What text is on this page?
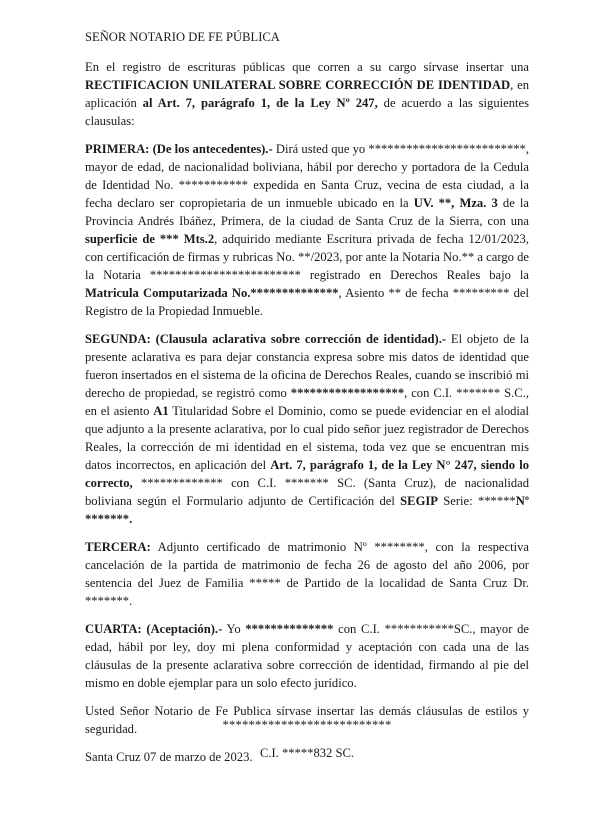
SEÑOR NOTARIO DE FE PÚBLICA

En el registro de escrituras públicas que corren a su cargo sírvase insertar una RECTIFICACION UNILATERAL SOBRE CORRECCIÓN DE IDENTIDAD, en aplicación al Art. 7, parágrafo 1, de la Ley Nº 247, de acuerdo a las siguientes clausulas:

PRIMERA: (De los antecedentes).- Dirá usted que yo *************************, mayor de edad, de nacionalidad boliviana, hábil por derecho y portadora de la Cedula de Identidad No. *********** expedida en Santa Cruz, vecina de esta ciudad, a la fecha declaro ser copropietaria de un inmueble ubicado en la UV. **, Mza. 3 de la Provincia Andrés Ibáñez, Primera, de la ciudad de Santa Cruz de la Sierra, con una superficie de *** Mts.2, adquirido mediante Escritura privada de fecha 12/01/2023, con certificación de firmas y rubricas No. **/2023, por ante la Notaria No.** a cargo de la Notaria ************************ registrado en Derechos Reales bajo la Matricula Computarizada No.**************, Asiento ** de fecha ********* del Registro de la Propiedad Inmueble.

SEGUNDA: (Clausula aclarativa sobre corrección de identidad).- El objeto de la presente aclarativa es para dejar constancia expresa sobre mis datos de identidad que fueron insertados en el sistema de la oficina de Derechos Reales, cuando se inscribió mi derecho de propiedad, se registró como ******************, con C.I. ******* S.C., en el asiento A1 Titularidad Sobre el Dominio, como se puede evidenciar en el alodial que adjunto a la presente aclarativa, por lo cual pido señor juez registrador de Derechos Reales, la corrección de mi identidad en el sistema, toda vez que se encuentran mis datos incorrectos, en aplicación del Art. 7, parágrafo 1, de la Ley N° 247, siendo lo correcto, ************* con C.I. ******* SC. (Santa Cruz), de nacionalidad boliviana según el Formulario adjunto de Certificación del SEGIP Serie: ******Nº *******.

TERCERA: Adjunto certificado de matrimonio Nº ********, con la respectiva cancelación de la partida de matrimonio de fecha 26 de agosto del año 2006, por sentencia del Juez de Familia ***** de Partido de la localidad de Santa Cruz Dr. *******.

CUARTA: (Aceptación).- Yo ************** con C.I. ***********SC., mayor de edad, hábil por ley, doy mi plena conformidad y aceptación con cada una de las cláusulas de la presente aclarativa sobre corrección de identidad, firmando al pie del mismo en doble ejemplar para un solo efecto jurídico.

Usted Señor Notario de Fe Publica sírvase insertar las demás cláusulas de estilos y seguridad.

Santa Cruz 07 de marzo de 2023.

**************************
C.I. *****832 SC.
